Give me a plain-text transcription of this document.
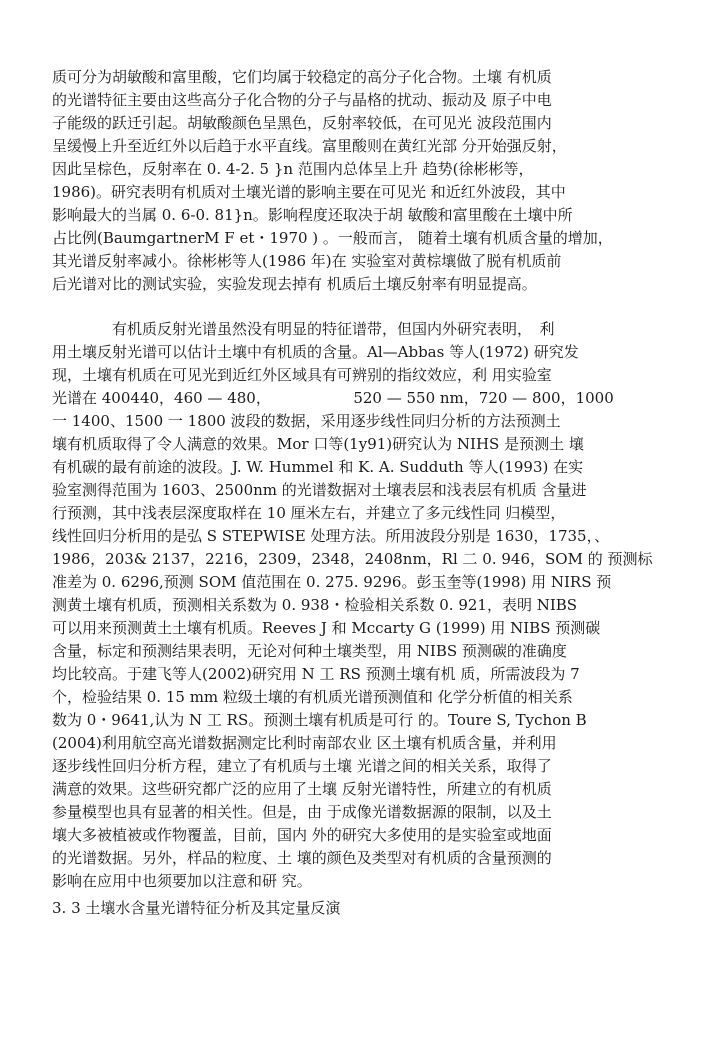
质可分为胡敏酸和富里酸，它们均属于较稳定的高分子化合物。土壤 有机质
的光谱特征主要由这些高分子化合物的分子与晶格的扰动、振动及 原子中电
子能级的跃迁引起。胡敏酸颜色呈黑色，反射率较低，在可见光 波段范围内
呈缓慢上升至近红外以后趋于水平直线。富里酸则在黄红光部 分开始强反射，
因此呈棕色，反射率在 0. 4-2. 5 }n 范围内总体呈上升 趋势(徐彬彬等，
1986)。研究表明有机质对土壤光谱的影响主要在可见光 和近红外波段，其中
影响最大的当属 0. 6-0. 81}n。影响程度还取决于胡 敏酸和富里酸在土壤中所
占比例(BaumgartnerM F et・1970 ) 。一般而言， 随着土壤有机质含量的增加，
其光谱反射率减小。徐彬彬等人(1986 年)在 实验室对黄棕壤做了脱有机质前
后光谱对比的测试实验，实验发现去掉有 机质后土壤反射率有明显提高。
　　　　有机质反射光谱虽然没有明显的特征谱带，但国内外研究表明，　利
用土壤反射光谱可以估计土壤中有机质的含量。Al—Abbas 等人(1972) 研究发
现，土壤有机质在可见光到近红外区域具有可辨别的指纹效应，利 用实验室
光谱在 400440，460 — 480，　　　　　　520 — 550 nm，720 — 800，1000
一 1400、1500 一 1800 波段的数据，采用逐步线性同归分析的方法预测土
壤有机质取得了令人满意的效果。Mor 口等(1y91)研究认为 NIHS 是预测土 壤
有机碳的最有前途的波段。J. W. Hummel 和 K. A. Sudduth 等人(1993) 在实
验室测得范围为 1603、2500nm 的光谱数据对土壤表层和浅表层有机质 含量进
行预测，其中浅表层深度取样在 10 厘米左右，并建立了多元线性同 归模型，
线性回归分析用的是弘 S STEPWISE 处理方法。所用波段分别是 1630，1735，、
1986，203& 2137，2216，2309，2348，2408nm，Rl 二 0. 946，SOM 的 预测标
准差为 0. 6296,预测 SOM 值范围在 0. 275. 9296。彭玉奎等(1998) 用 NIRS 预
测黄土壤有机质，预测相关系数为 0. 938・检验相关系数 0. 921，表明 NIBS
可以用来预测黄土土壤有机质。Reeves J 和 Mccarty G (1999) 用 NIBS 预测碳
含量，标定和预测结果表明，无论对何种土壤类型，用 NIBS 预测碳的准确度
均比较高。于建飞等人(2002)研究用 N 工 RS 预测土壤有机 质，所需波段为 7
个，检验结果 0. 15 mm 粒级土壤的有机质光谱预测值和 化学分析值的相关系
数为 0・9641,认为 N 工 RS。预测土壤有机质是可行 的。Toure S, Tychon B
(2004)利用航空高光谱数据测定比利时南部农业 区土壤有机质含量，并利用
逐步线性回归分析方程，建立了有机质与土壤 光谱之间的相关关系，取得了
满意的效果。这些研究都广泛的应用了土壤 反射光谱特性，所建立的有机质
参量模型也具有显著的相关性。但是，由 于成像光谱数据源的限制，以及土
壤大多被植被或作物覆盖，目前，国内 外的研究大多使用的是实验室或地面
的光谱数据。另外，样品的粒度、土 壤的颜色及类型对有机质的含量预测的
影响在应用中也须要加以注意和研 究。
3. 3 土壤水含量光谱特征分析及其定量反演
